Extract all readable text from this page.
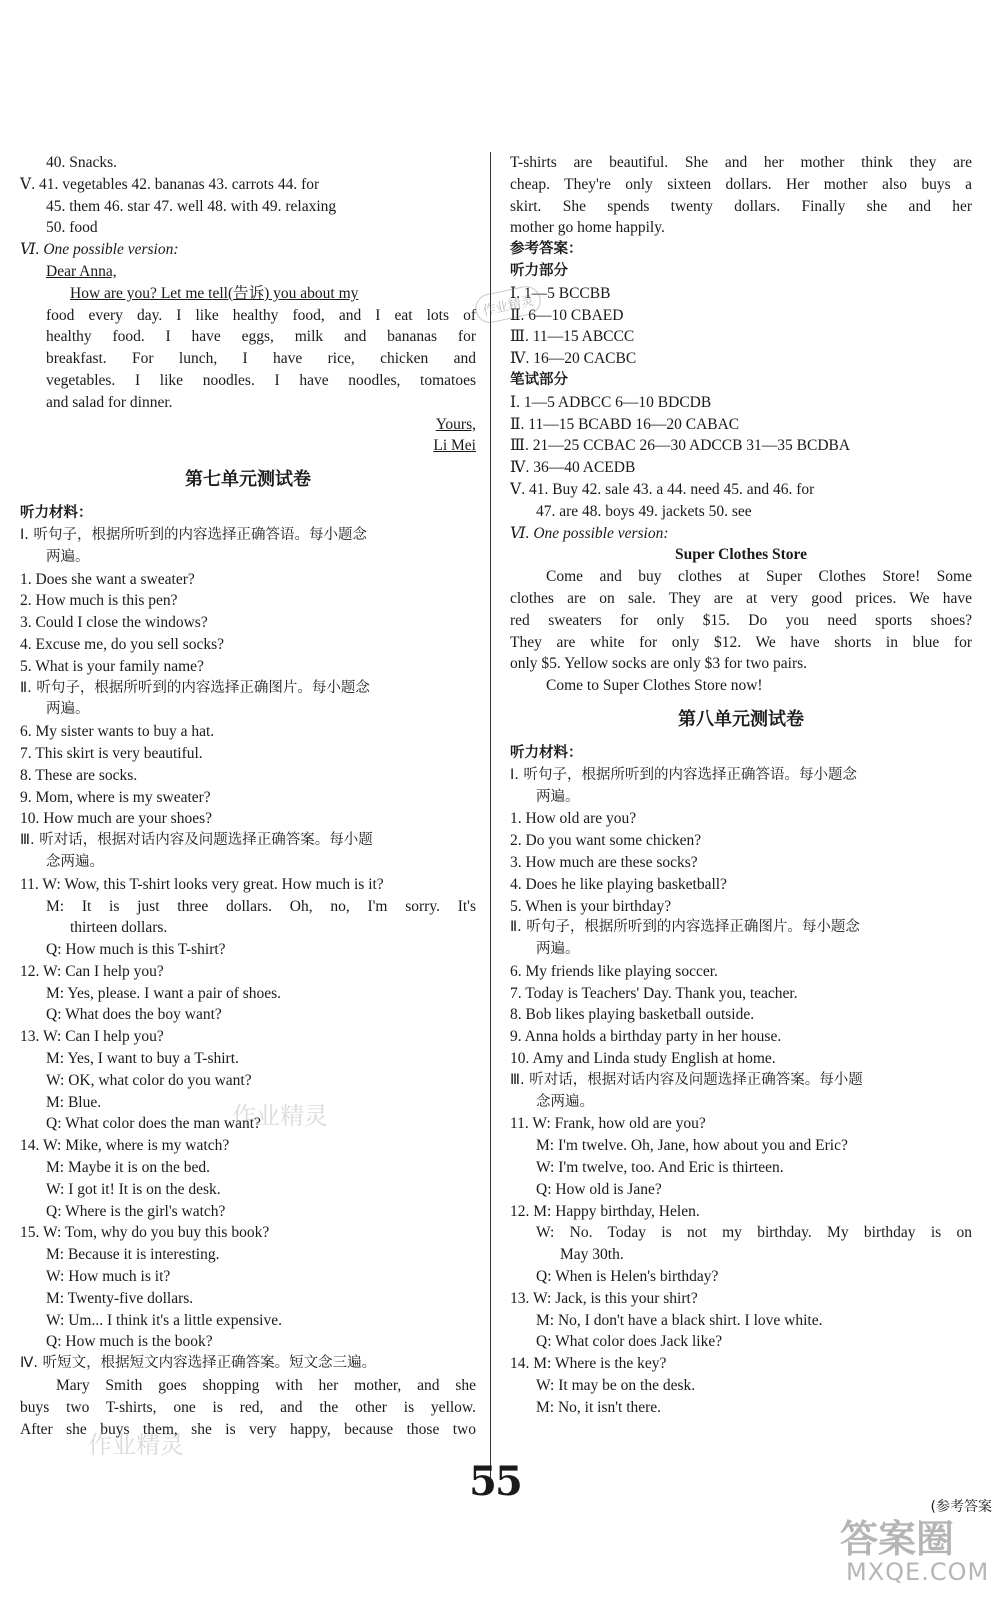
40. Snacks.
Ⅴ. 41. vegetables 42. bananas 43. carrots 44. for
45. them 46. star 47. well 48. with 49. relaxing
50. food
Ⅵ. One possible version:
Dear Anna,
How are you? Let me tell(告诉) you about my
food every day. I like healthy food, and I eat lots of
healthy food. I have eggs, milk and bananas for
breakfast. For lunch, I have rice, chicken and
vegetables. I like noodles. I have noodles, tomatoes
and salad for dinner.
Yours,
Li Mei
第七单元测试卷
听力材料：
Ⅰ. 听句子，根据所听到的内容选择正确答语。每小题念
两遍。
1. Does she want a sweater?
2. How much is this pen?
3. Could I close the windows?
4. Excuse me, do you sell socks?
5. What is your family name?
Ⅱ. 听句子，根据所听到的内容选择正确图片。每小题念
两遍。
6. My sister wants to buy a hat.
7. This skirt is very beautiful.
8. These are socks.
9. Mom, where is my sweater?
10. How much are your shoes?
Ⅲ. 听对话，根据对话内容及问题选择正确答案。每小题
念两遍。
11. W: Wow, this T-shirt looks very great. How much is it?
M: It is just three dollars. Oh, no, I'm sorry. It's
thirteen dollars.
Q: How much is this T-shirt?
12. W: Can I help you?
M: Yes, please. I want a pair of shoes.
Q: What does the boy want?
13. W: Can I help you?
M: Yes, I want to buy a T-shirt.
W: OK, what color do you want?
M: Blue.
Q: What color does the man want?
14. W: Mike, where is my watch?
M: Maybe it is on the bed.
W: I got it! It is on the desk.
Q: Where is the girl's watch?
15. W: Tom, why do you buy this book?
M: Because it is interesting.
W: How much is it?
M: Twenty-five dollars.
W: Um... I think it's a little expensive.
Q: How much is the book?
Ⅳ. 听短文，根据短文内容选择正确答案。短文念三遍。
Mary Smith goes shopping with her mother, and she
buys two T-shirts, one is red, and the other is yellow.
After she buys them, she is very happy, because those two
T-shirts are beautiful. She and her mother think they are
cheap. They're only sixteen dollars. Her mother also buys a
skirt. She spends twenty dollars. Finally she and her
mother go home happily.
参考答案：
听力部分
Ⅰ. 1—5 BCCBB
Ⅱ. 6—10 CBAED
Ⅲ. 11—15 ABCCC
Ⅳ. 16—20 CACBC
笔试部分
Ⅰ. 1—5 ADBCC 6—10 BDCDB
Ⅱ. 11—15 BCABD 16—20 CABAC
Ⅲ. 21—25 CCBAC 26—30 ADCCB 31—35 BCDBA
Ⅳ. 36—40 ACEDB
Ⅴ. 41. Buy 42. sale 43. a 44. need 45. and 46. for
47. are 48. boys 49. jackets 50. see
Ⅵ. One possible version:
Super Clothes Store
Come and buy clothes at Super Clothes Store! Some
clothes are on sale. They are at very good prices. We have
red sweaters for only $15. Do you need sports shoes?
They are white for only $12. We have shorts in blue for
only $5. Yellow socks are only $3 for two pairs.
Come to Super Clothes Store now!
第八单元测试卷
听力材料：
Ⅰ. 听句子，根据所听到的内容选择正确答语。每小题念
两遍。
1. How old are you?
2. Do you want some chicken?
3. How much are these socks?
4. Does he like playing basketball?
5. When is your birthday?
Ⅱ. 听句子，根据所听到的内容选择正确图片。每小题念
两遍。
6. My friends like playing soccer.
7. Today is Teachers' Day. Thank you, teacher.
8. Bob likes playing basketball outside.
9. Anna holds a birthday party in her house.
10. Amy and Linda study English at home.
Ⅲ. 听对话，根据对话内容及问题选择正确答案。每小题
念两遍。
11. W: Frank, how old are you?
M: I'm twelve. Oh, Jane, how about you and Eric?
W: I'm twelve, too. And Eric is thirteen.
Q: How old is Jane?
12. M: Happy birthday, Helen.
W: No. Today is not my birthday. My birthday is on
May 30th.
Q: When is Helen's birthday?
13. W: Jack, is this your shirt?
M: No, I don't have a black shirt. I love white.
Q: What color does Jack like?
14. M: Where is the key?
W: It may be on the desk.
M: No, it isn't there.
55
(参考答案
作业精灵
作业精灵
作业精灵
答案圈
MXQE.COM
